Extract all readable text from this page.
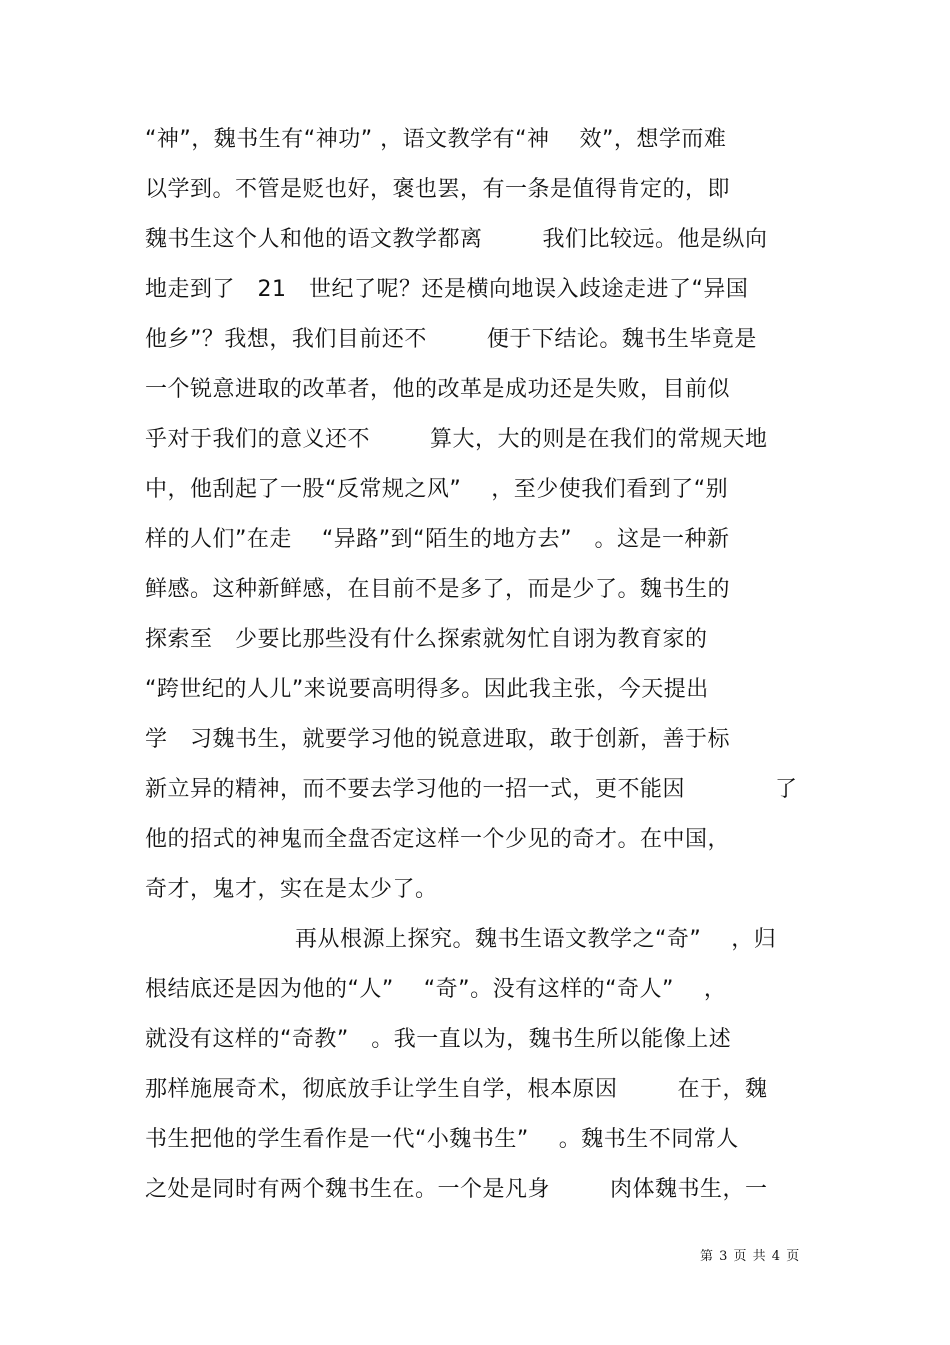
“神”，魏书生有“神功” ，语文教学有“神　 效”，想学而难
以学到。不管是贬也好，褒也罢，有一条是值得肯定的，即
魏书生这个人和他的语文教学都离　 　 我们比较远。他是纵向
地走到了　21　世纪了呢？还是横向地误入歧途走进了“异国
他乡”？我想，我们目前还不　 　 便于下结论。魏书生毕竟是
一个锐意进取的改革者，他的改革是成功还是失败，目前似
乎对于我们的意义还不　 　 算大，大的则是在我们的常规天地
中，他刮起了一股“反常规之风”　 ，至少使我们看到了“别
样的人们”在走　 “异路”到“陌生的地方去”　。这是一种新
鲜感。这种新鲜感，在目前不是多了，而是少了。魏书生的
探索至　少要比那些没有什么探索就匆忙自诩为教育家的
“跨世纪的人儿”来说要高明得多。因此我主张，今天提出
学　习魏书生，就要学习他的锐意进取，敢于创新，善于标
新立异的精神，而不要去学习他的一招一式，更不能因　 　 　 了
他的招式的神鬼而全盘否定这样一个少见的奇才。在中国，
奇才，鬼才，实在是太少了。
　 　 　 　 　 再从根源上探究。魏书生语文教学之“奇”　 ，归
根结底还是因为他的“人”　 “奇”。没有这样的“奇人”　 ，
就没有这样的“奇教”　。我一直以为，魏书生所以能像上述
那样施展奇术，彻底放手让学生自学，根本原因　 　 在于，魏
书生把他的学生看作是一代“小魏书生”　 。魏书生不同常人
之处是同时有两个魏书生在。一个是凡身　 　 肉体魏书生，一
第 3 页 共 4 页
